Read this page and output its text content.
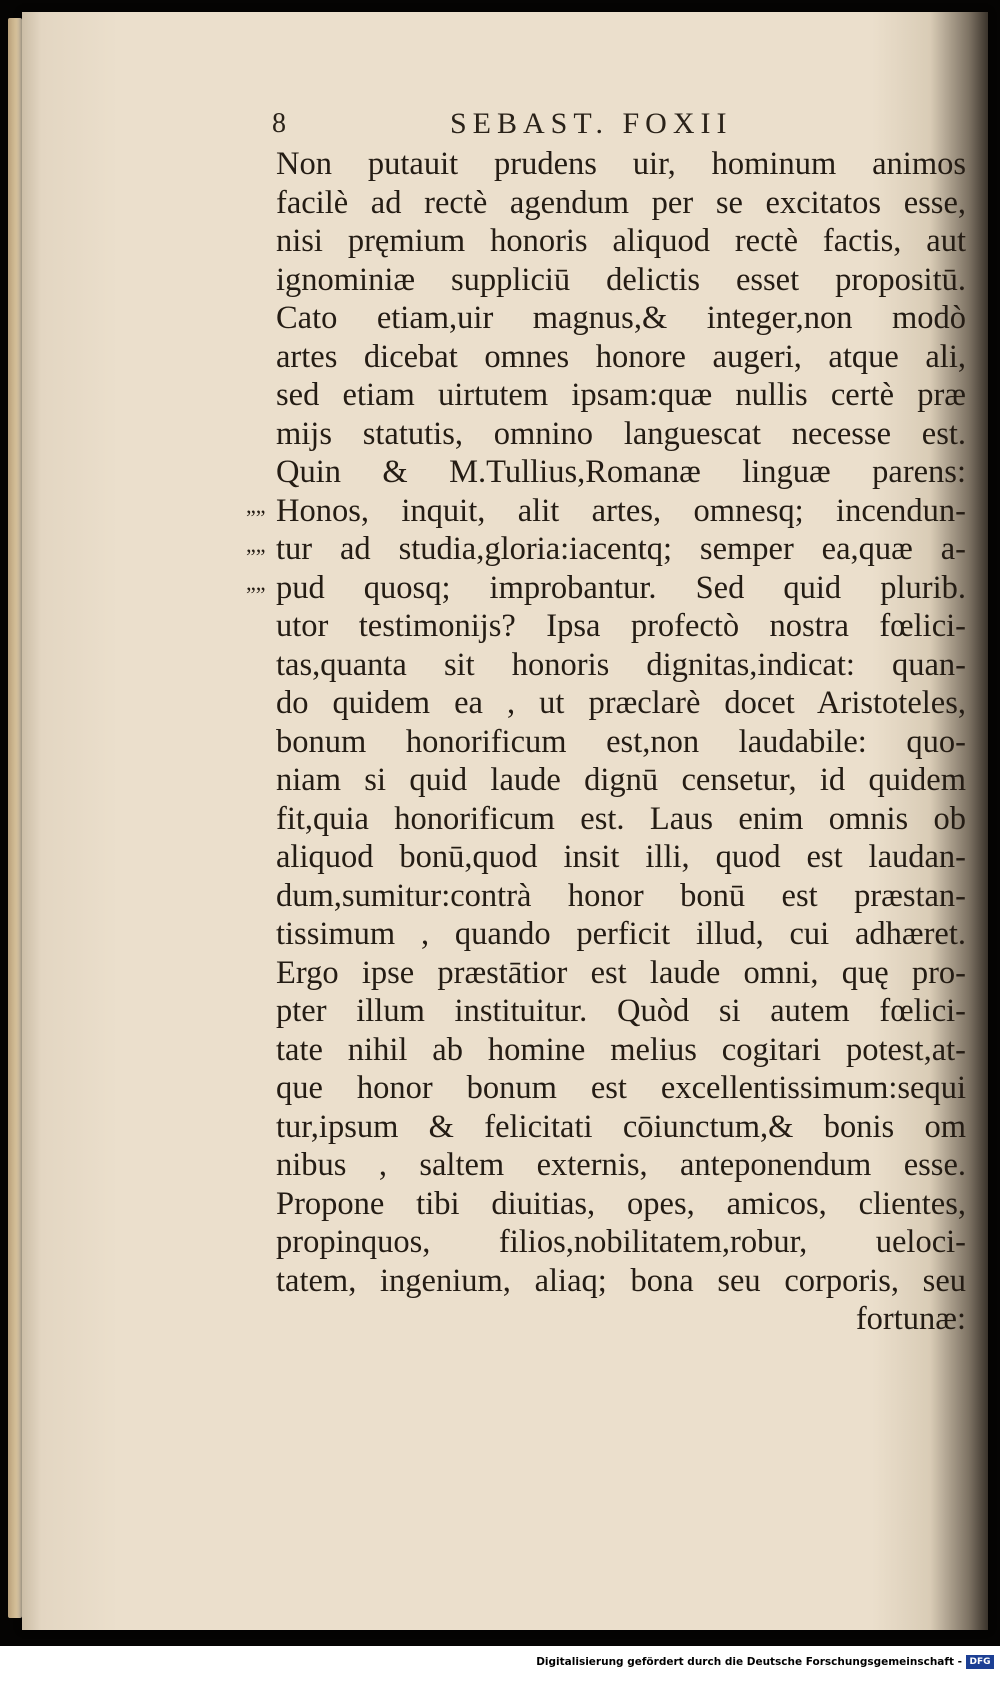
8	SEBAST. FOXII
””
””
””
Non putauit prudens uir, hominum animos
facilè ad rectè agendum per se excitatos esse,
nisi pręmium honoris aliquod rectè factis, aut
ignominiæ suppliciū delictis esset propositū.
Cato etiam,uir magnus,& integer,non modò
artes dicebat omnes honore augeri, atque ali,
sed etiam uirtutem ipsam:quæ nullis certè præ
mijs statutis, omnino languescat necesse est.
Quin & M.Tullius,Romanæ linguæ parens:
Honos, inquit, alit artes, omnesq; incendun-
tur ad studia,gloria:iacentq; semper ea,quæ a-
pud quosq; improbantur. Sed quid plurib.
utor testimonijs? Ipsa profectò nostra fœlici-
tas,quanta sit honoris dignitas,indicat: quan-
do quidem ea , ut præclarè docet Aristoteles,
bonum honorificum est,non laudabile: quo-
niam si quid laude dignū censetur, id quidem
fit,quia honorificum est. Laus enim omnis ob
aliquod bonū,quod insit illi, quod est laudan-
dum,sumitur:contrà honor bonū est præstan-
tissimum , quando perficit illud, cui adhæret.
Ergo ipse præstātior est laude omni, quę pro-
pter illum instituitur. Quòd si autem fœlici-
tate nihil ab homine melius cogitari potest,at-
que honor bonum est excellentissimum:sequi
tur,ipsum & felicitati cōiunctum,& bonis om
nibus , saltem externis, anteponendum esse.
Propone tibi diuitias, opes, amicos, clientes,
propinquos, filios,nobilitatem,robur, ueloci-
tatem, ingenium, aliaq; bona seu corporis, seu
fortunæ:
Digitalisierung gefördert durch die Deutsche Forschungsgemeinschaft - DFG
